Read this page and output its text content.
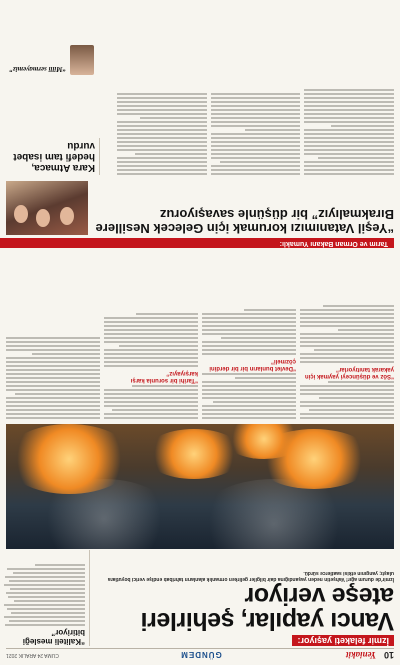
10
Yeniakit
GÜNDEM
CUMA 24 ARALIK 2021
İzmir felaketi yaşıyor:
Vancı yapılar, şehirleri ateşe veriyor
“Kaliteli mesleği bitiriyor”
İzmir'de durum ağır! Vahşetin neden yaşandığına dair bilgiler gelirken ormanlık alanların tahribatı endişe verici boyutlara ulaştı; yangının etkisi saatlerce sürdü.
“Söz ve düşünceyi yaymak için yakarak tanıtıyorlar”
“Devlet bunların bir bir derdini çözmeli”
“Tarihi bir sorunla karşı karşıyayız”
Tarım ve Orman Bakanı Yumaklı:
“Yeşil Vatanımızı korumak için Gelecek Nesillere Bırakmalıyız” bir düşünle savaşıyoruz
Kara Atmaca, hedefi tam isabet vurdu
“Milli sermayemiz”
